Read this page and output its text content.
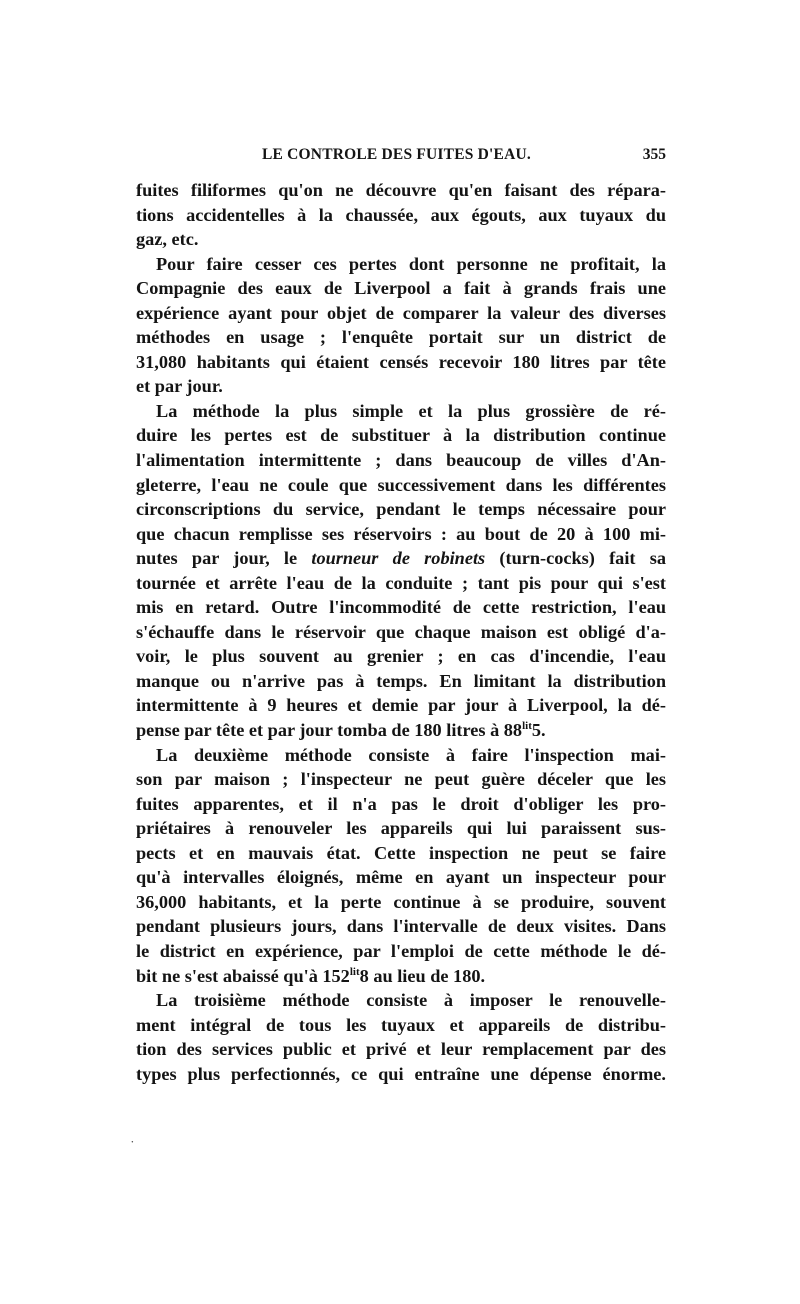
LE CONTROLE DES FUITES D'EAU.	355
fuites filiformes qu'on ne découvre qu'en faisant des répara-
tions accidentelles à la chaussée, aux égouts, aux tuyaux du
gaz, etc.
Pour faire cesser ces pertes dont personne ne profitait, la
Compagnie des eaux de Liverpool a fait à grands frais une
expérience ayant pour objet de comparer la valeur des diverses
méthodes en usage ; l'enquête portait sur un district de
31,080 habitants qui étaient censés recevoir 180 litres par tête
et par jour.
La méthode la plus simple et la plus grossière de ré-
duire les pertes est de substituer à la distribution continue
l'alimentation intermittente ; dans beaucoup de villes d'An-
gleterre, l'eau ne coule que successivement dans les différentes
circonscriptions du service, pendant le temps nécessaire pour
que chacun remplisse ses réservoirs : au bout de 20 à 100 mi-
nutes par jour, le tourneur de robinets (turn-cocks) fait sa
tournée et arrête l'eau de la conduite ; tant pis pour qui s'est
mis en retard. Outre l'incommodité de cette restriction, l'eau
s'échauffe dans le réservoir que chaque maison est obligé d'a-
voir, le plus souvent au grenier ; en cas d'incendie, l'eau
manque ou n'arrive pas à temps. En limitant la distribution
intermittente à 9 heures et demie par jour à Liverpool, la dé-
pense par tête et par jour tomba de 180 litres à $88^{lit}5$.
La deuxième méthode consiste à faire l'inspection mai-
son par maison ; l'inspecteur ne peut guère déceler que les
fuites apparentes, et il n'a pas le droit d'obliger les pro-
priétaires à renouveler les appareils qui lui paraissent sus-
pects et en mauvais état. Cette inspection ne peut se faire
qu'à intervalles éloignés, même en ayant un inspecteur pour
36,000 habitants, et la perte continue à se produire, souvent
pendant plusieurs jours, dans l'intervalle de deux visites. Dans
le district en expérience, par l'emploi de cette méthode le dé-
bit ne s'est abaissé qu'à $152^{lit}8$ au lieu de 180.
La troisième méthode consiste à imposer le renouvelle-
ment intégral de tous les tuyaux et appareils de distribu-
tion des services public et privé et leur remplacement par des
types plus perfectionnés, ce qui entraîne une dépense énorme.
˙
